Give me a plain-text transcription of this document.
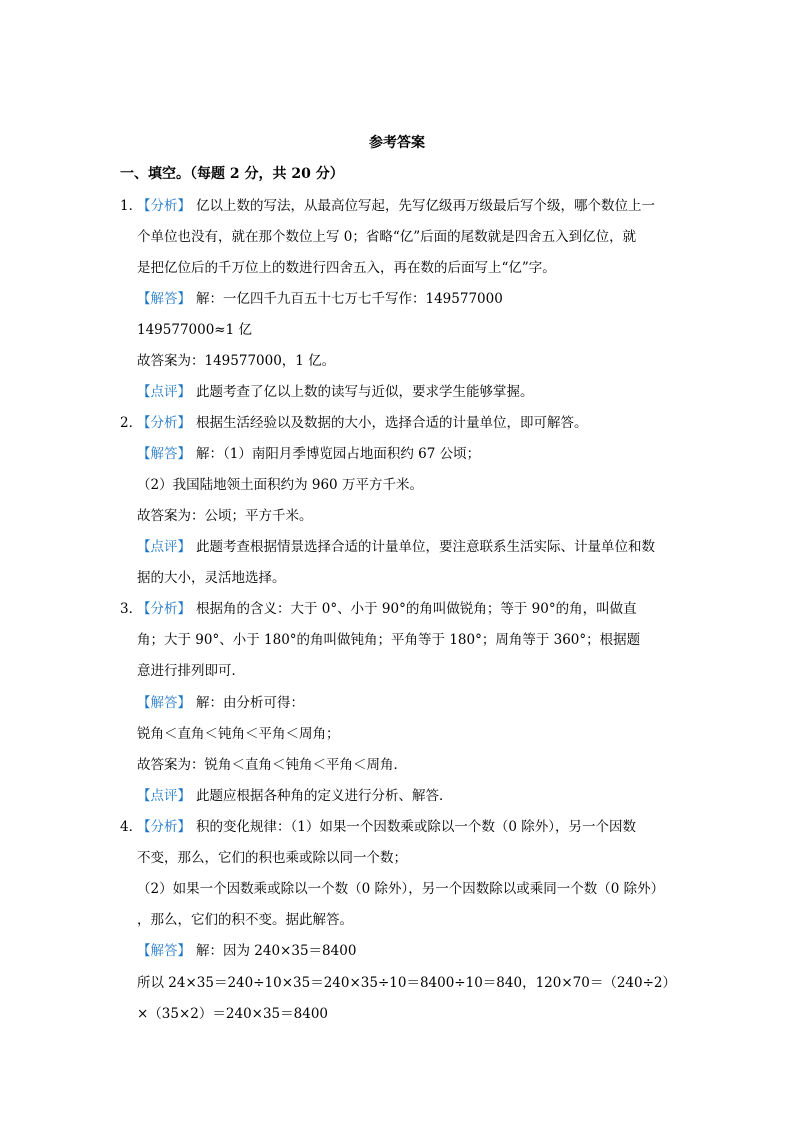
参考答案
一、填空。（每题 2 分，共 20 分）
1．
【分析】 亿以上数的写法，从最高位写起，先写亿级再万级最后写个级，哪个数位上一
个单位也没有，就在那个数位上写 0；省略“亿”后面的尾数就是四舍五入到亿位，就
是把亿位后的千万位上的数进行四舍五入，再在数的后面写上“亿”字。
【解答】 解：一亿四千九百五十七万七千写作：149577000
149577000≈1 亿
故答案为：149577000，1 亿。
【点评】 此题考查了亿以上数的读写与近似，要求学生能够掌握。
2．
【分析】 根据生活经验以及数据的大小，选择合适的计量单位，即可解答。
【解答】 解：（1）南阳月季博览园占地面积约 67 公顷；
（2）我国陆地领土面积约为 960 万平方千米。
故答案为：公顷；平方千米。
【点评】 此题考查根据情景选择合适的计量单位，要注意联系生活实际、计量单位和数
据的大小，灵活地选择。
3．
【分析】 根据角的含义：大于 0°、小于 90°的角叫做锐角；等于 90°的角，叫做直
角；大于 90°、小于 180°的角叫做钝角；平角等于 180°；周角等于 360°；根据题
意进行排列即可．
【解答】 解：由分析可得：
锐角＜直角＜钝角＜平角＜周角；
故答案为：锐角＜直角＜钝角＜平角＜周角．
【点评】 此题应根据各种角的定义进行分析、解答．
4．
【分析】 积的变化规律：（1）如果一个因数乘或除以一个数（0 除外），另一个因数
不变，那么，它们的积也乘或除以同一个数；
（2）如果一个因数乘或除以一个数（0 除外），另一个因数除以或乘同一个数（0 除外）
，那么，它们的积不变。据此解答。
【解答】 解：因为 240×35＝8400
所以 24×35＝240÷10×35＝240×35÷10＝8400÷10＝840，120×70＝（240÷2）
×（35×2）＝240×35＝8400
